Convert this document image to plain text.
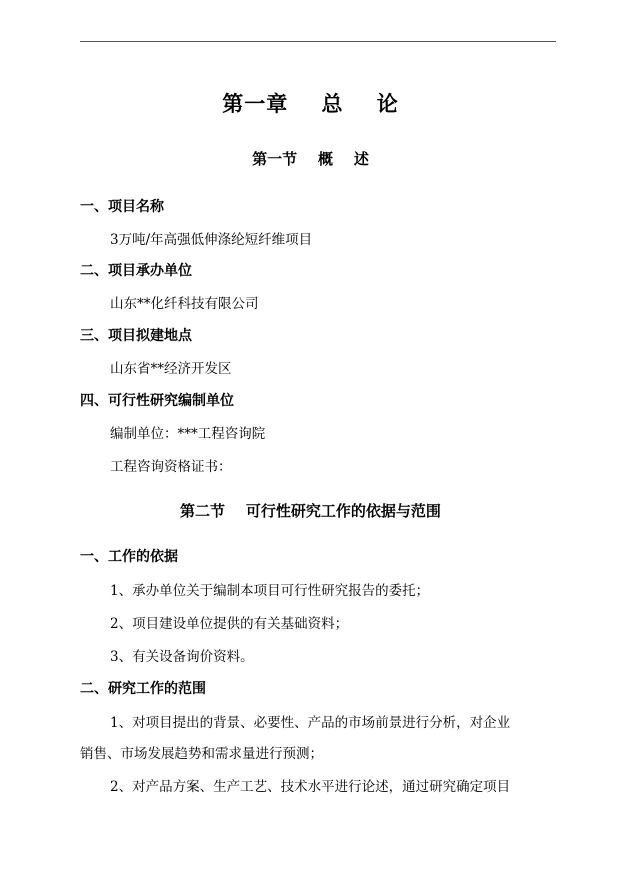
第一章    总    论
第一节    概    述
一、项目名称
3万吨/年高强低伸涤纶短纤维项目
二、项目承办单位
山东**化纤科技有限公司
三、项目拟建地点
山东省**经济开发区
四、可行性研究编制单位
编制单位：***工程咨询院
工程咨询资格证书：
第二节    可行性研究工作的依据与范围
一、工作的依据
1、承办单位关于编制本项目可行性研究报告的委托；
2、项目建设单位提供的有关基础资料；
3、有关设备询价资料。
二、研究工作的范围
1、对项目提出的背景、必要性、产品的市场前景进行分析，对企业
销售、市场发展趋势和需求量进行预测；
2、对产品方案、生产工艺、技术水平进行论述，通过研究确定项目
